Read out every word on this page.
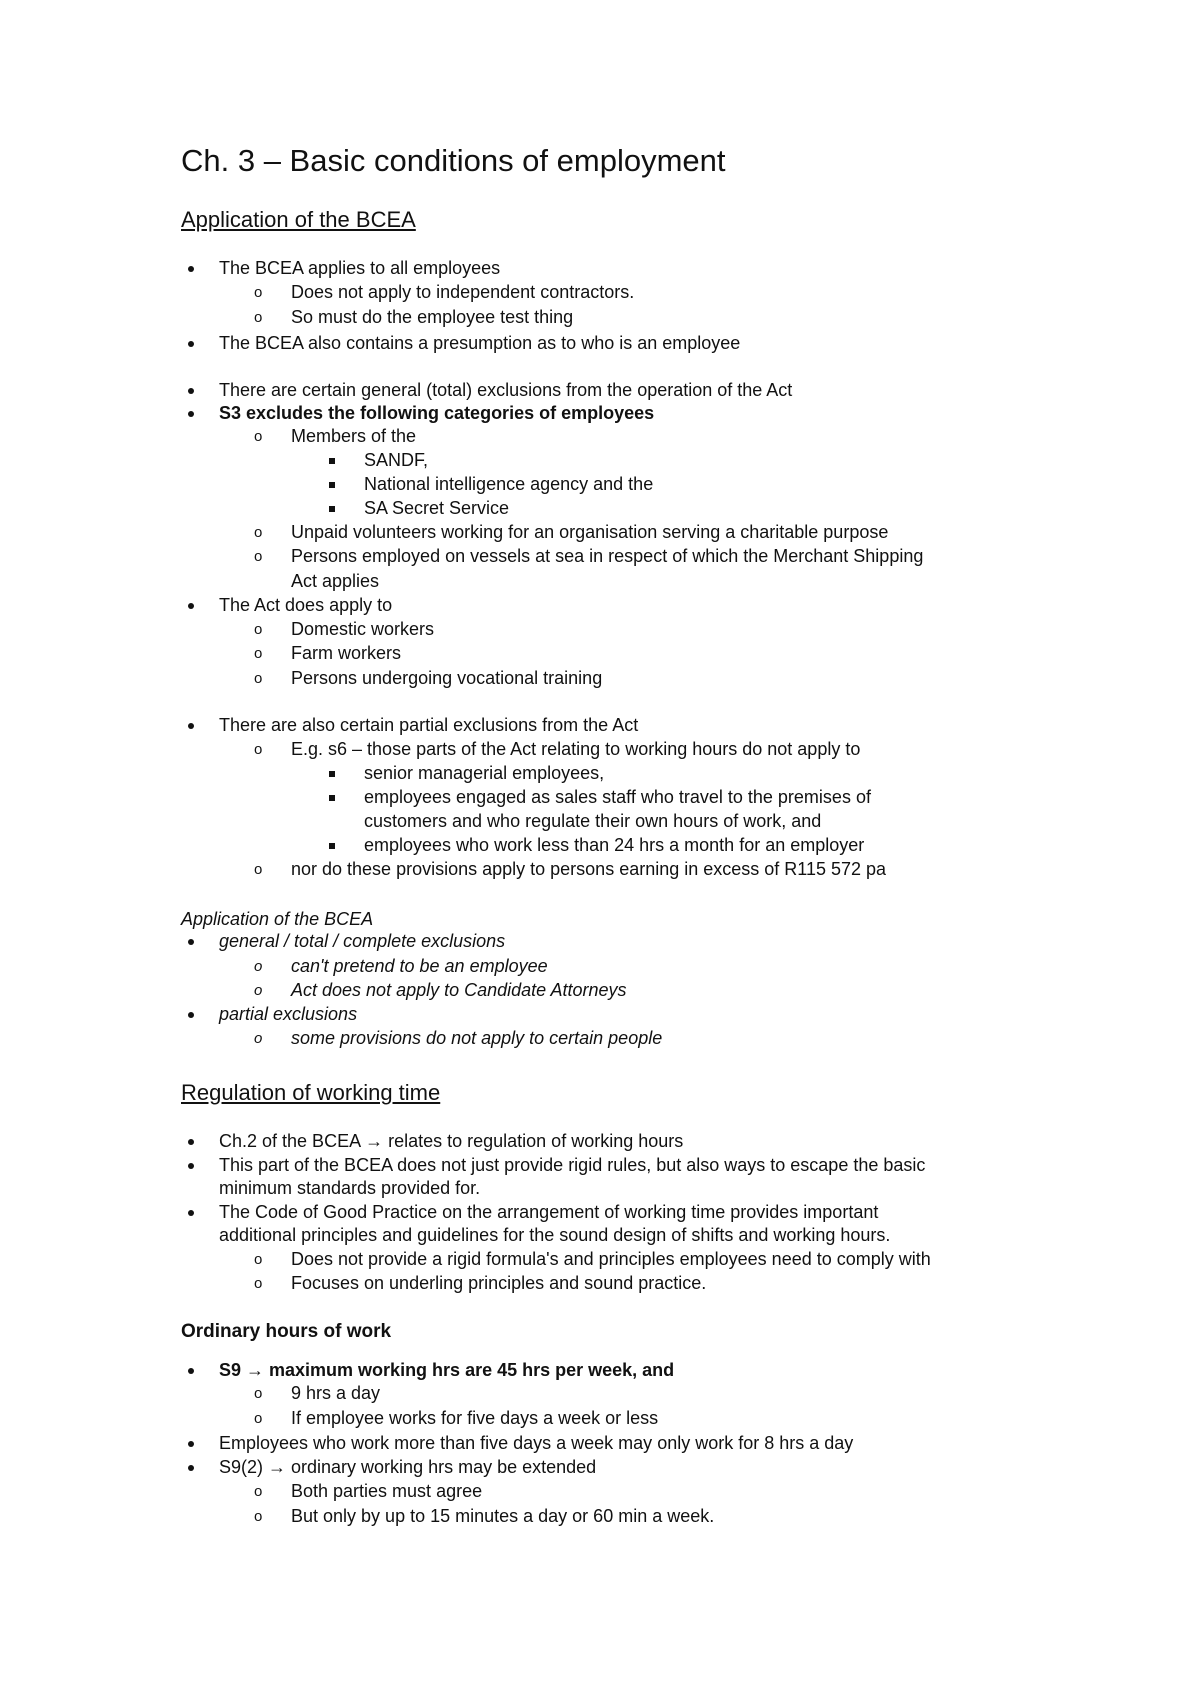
Ch. 3 – Basic conditions of employment
Application of the BCEA
The BCEA applies to all employees
o Does not apply to independent contractors.
o So must do the employee test thing
The BCEA also contains a presumption as to who is an employee
There are certain general (total) exclusions from the operation of the Act
S3 excludes the following categories of employees
o Members of the
SANDF,
National intelligence agency and the
SA Secret Service
o Unpaid volunteers working for an organisation serving a charitable purpose
o Persons employed on vessels at sea in respect of which the Merchant Shipping
Act applies
The Act does apply to
o Domestic workers
o Farm workers
o Persons undergoing vocational training
There are also certain partial exclusions from the Act
o E.g. s6 – those parts of the Act relating to working hours do not apply to
senior managerial employees,
employees engaged as sales staff who travel to the premises of
customers and who regulate their own hours of work, and
employees who work less than 24 hrs a month for an employer
o nor do these provisions apply to persons earning in excess of R115 572 pa
Application of the BCEA
general / total / complete exclusions
o can't pretend to be an employee
o Act does not apply to Candidate Attorneys
partial exclusions
o some provisions do not apply to certain people
Regulation of working time
Ch.2 of the BCEA → relates to regulation of working hours
This part of the BCEA does not just provide rigid rules, but also ways to escape the basic
minimum standards provided for.
The Code of Good Practice on the arrangement of working time provides important
additional principles and guidelines for the sound design of shifts and working hours.
o Does not provide a rigid formula's and principles employees need to comply with
o Focuses on underling principles and sound practice.
Ordinary hours of work
S9 → maximum working hrs are 45 hrs per week, and
o 9 hrs a day
o If employee works for five days a week or less
Employees who work more than five days a week may only work for 8 hrs a day
S9(2) → ordinary working hrs may be extended
o Both parties must agree
o But only by up to 15 minutes a day or 60 min a week.
